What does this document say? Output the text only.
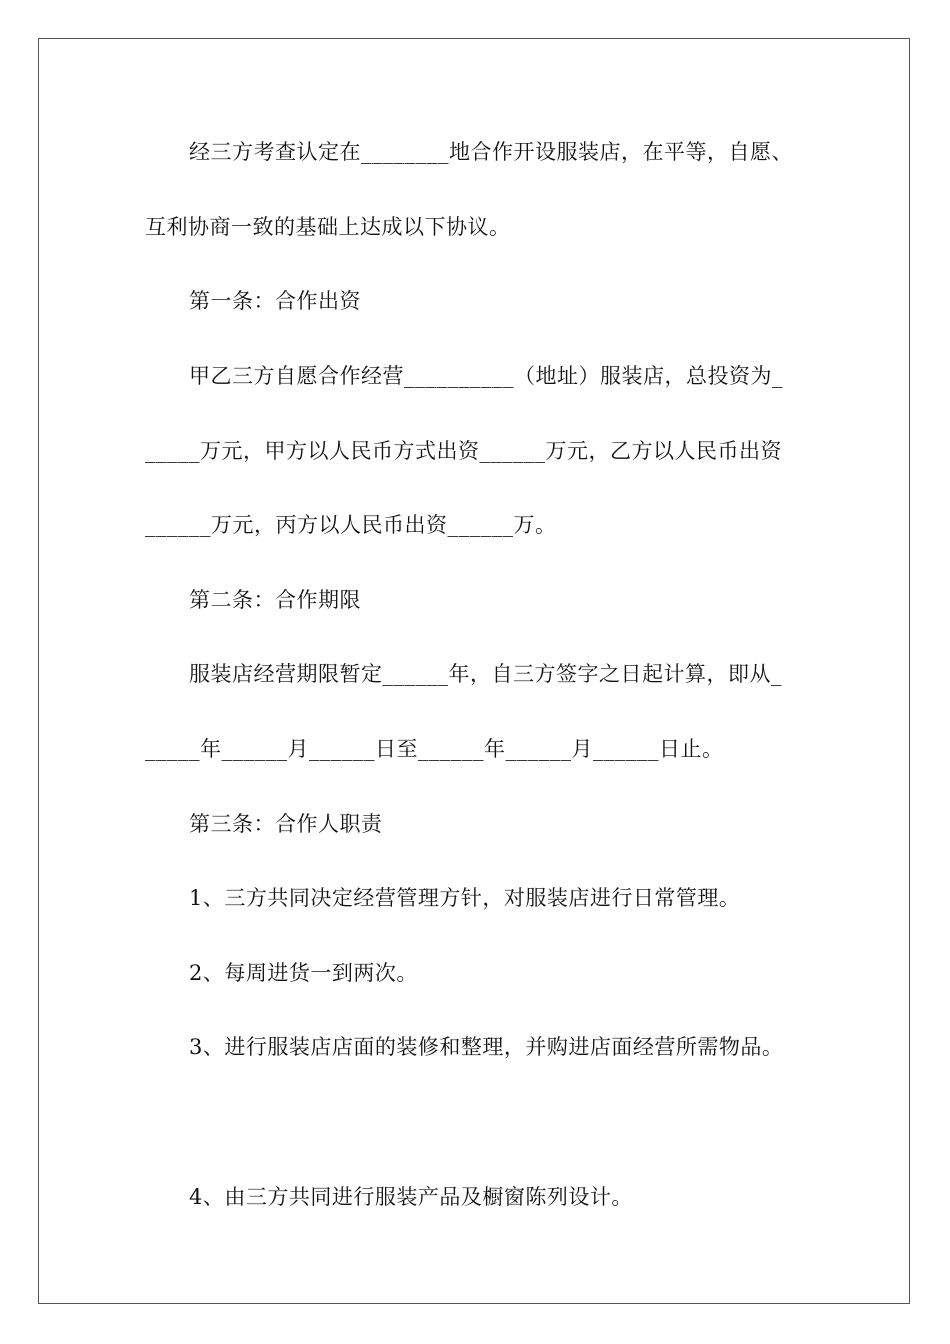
经三方考查认定在________地合作开设服装店，在平等，自愿、
互利协商一致的基础上达成以下协议。
第一条：合作出资
甲乙三方自愿合作经营__________（地址）服装店，总投资为_
_____万元，甲方以人民币方式出资______万元，乙方以人民币出资
______万元，丙方以人民币出资______万。
第二条：合作期限
服装店经营期限暂定______年，自三方签字之日起计算，即从_
_____年______月______日至______年______月______日止。
第三条：合作人职责
1、三方共同决定经营管理方针，对服装店进行日常管理。
2、每周进货一到两次。
3、进行服装店店面的装修和整理，并购进店面经营所需物品。
4、由三方共同进行服装产品及橱窗陈列设计。
